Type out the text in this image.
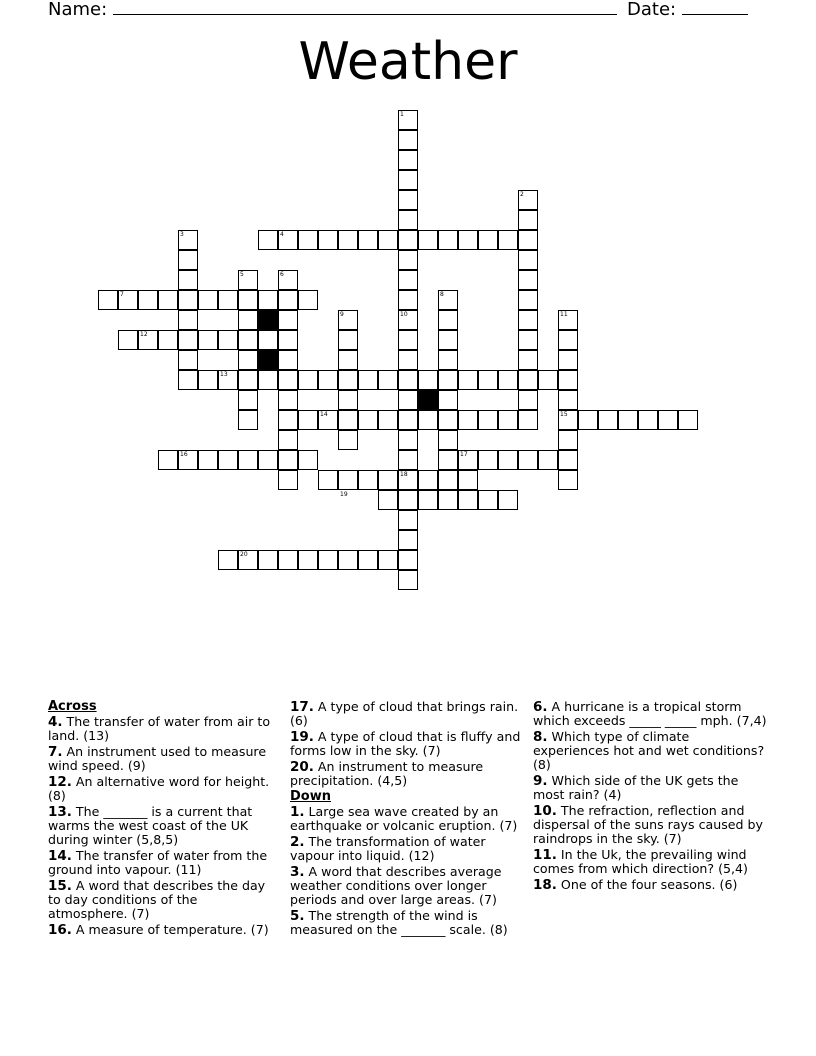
Name:	Date:
Weather
1
2
3	4
5	6
7	8
9	10	11
12
13
14	15
16	17
18
19
20
Across
4. The transfer of water from air to land. (13)
7. An instrument used to measure wind speed. (9)
12. An alternative word for height. (8)
13. The _______ is a current that warms the west coast of the UK during winter (5,8,5)
14. The transfer of water from the ground into vapour. (11)
15. A word that describes the day to day conditions of the atmosphere. (7)
16. A measure of temperature. (7)
17. A type of cloud that brings rain. (6)
19. A type of cloud that is fluffy and forms low in the sky. (7)
20. An instrument to measure precipitation. (4,5)
Down
1. Large sea wave created by an earthquake or volcanic eruption. (7)
2. The transformation of water vapour into liquid. (12)
3. A word that describes average weather conditions over longer periods and over large areas. (7)
5. The strength of the wind is measured on the _______ scale. (8)
6. A hurricane is a tropical storm which exceeds _____ _____ mph. (7,4)
8. Which type of climate experiences hot and wet conditions? (8)
9. Which side of the UK gets the most rain? (4)
10. The refraction, reflection and dispersal of the suns rays caused by raindrops in the sky. (7)
11. In the Uk, the prevailing wind comes from which direction? (5,4)
18. One of the four seasons. (6)
